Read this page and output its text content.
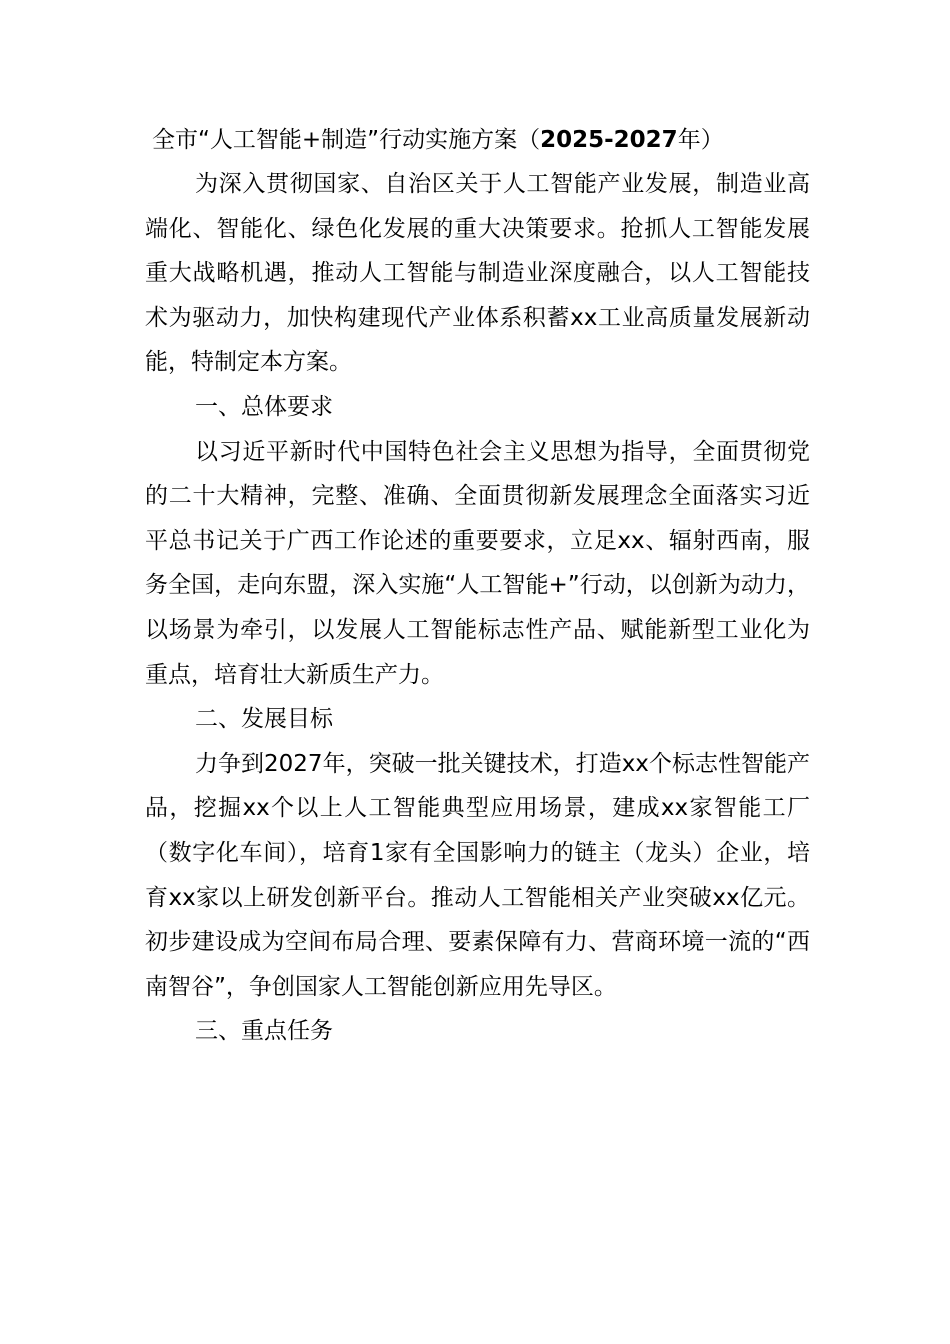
全市“人工智能+制造”行动实施方案（2025-2027年）

为深入贯彻国家、自治区关于人工智能产业发展，制造业高端化、智能化、绿色化发展的重大决策要求。抢抓人工智能发展重大战略机遇，推动人工智能与制造业深度融合，以人工智能技术为驱动力，加快构建现代产业体系积蓄xx工业高质量发展新动能，特制定本方案。

一、总体要求

以习近平新时代中国特色社会主义思想为指导，全面贯彻党的二十大精神，完整、准确、全面贯彻新发展理念全面落实习近平总书记关于广西工作论述的重要要求，立足xx、辐射西南，服务全国，走向东盟，深入实施“人工智能+”行动，以创新为动力，以场景为牵引，以发展人工智能标志性产品、赋能新型工业化为重点，培育壮大新质生产力。

二、发展目标

力争到2027年，突破一批关键技术，打造xx个标志性智能产品，挖掘xx个以上人工智能典型应用场景，建成xx家智能工厂（数字化车间），培育1家有全国影响力的链主（龙头）企业，培育xx家以上研发创新平台。推动人工智能相关产业突破xx亿元。初步建设成为空间布局合理、要素保障有力、营商环境一流的“西南智谷”，争创国家人工智能创新应用先导区。

三、重点任务
